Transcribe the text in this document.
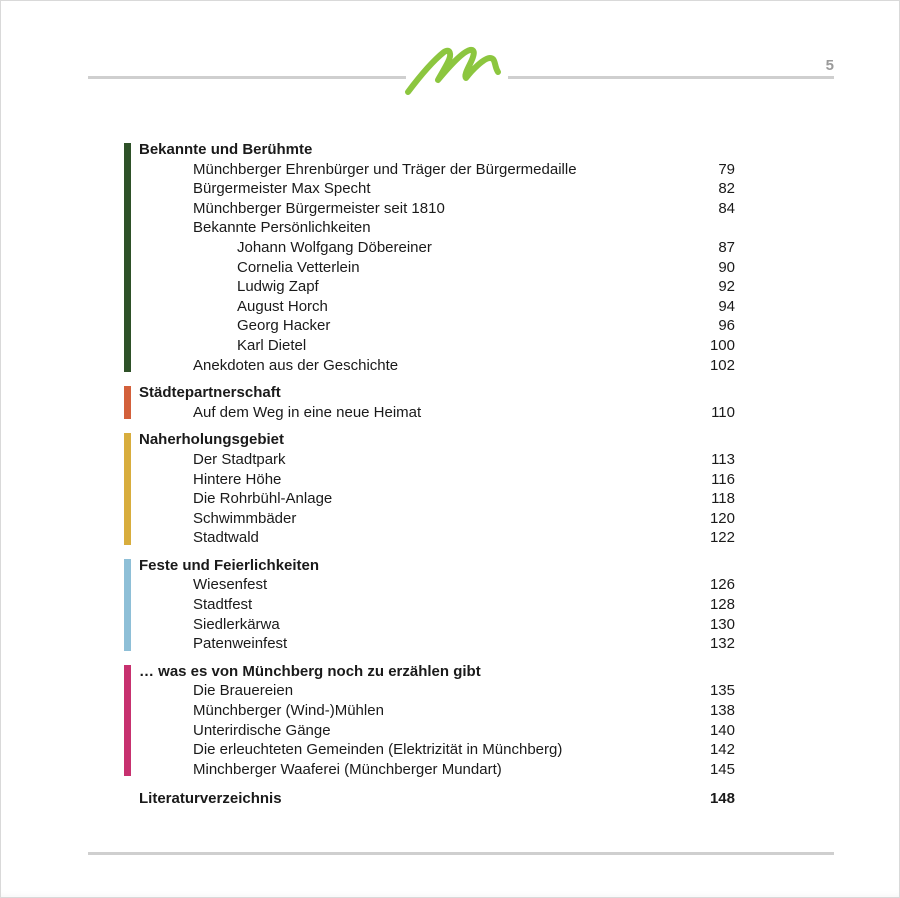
5
Bekannte und Berühmte
Münchberger Ehrenbürger und Träger der Bürgermedaille	79
Bürgermeister Max Specht	82
Münchberger Bürgermeister seit 1810	84
Bekannte Persönlichkeiten
Johann Wolfgang Döbereiner	87
Cornelia Vetterlein	90
Ludwig Zapf	92
August Horch	94
Georg Hacker	96
Karl Dietel	100
Anekdoten aus der Geschichte	102
Städtepartnerschaft
Auf dem Weg in eine neue Heimat	110
Naherholungsgebiet
Der Stadtpark	113
Hintere Höhe	116
Die Rohrbühl-Anlage	118
Schwimmbäder	120
Stadtwald	122
Feste und Feierlichkeiten
Wiesenfest	126
Stadtfest	128
Siedlerkärwa	130
Patenweinfest	132
… was es von Münchberg noch zu erzählen gibt
Die Brauereien	135
Münchberger (Wind-)Mühlen	138
Unterirdische Gänge	140
Die erleuchteten Gemeinden (Elektrizität in Münchberg)	142
Minchberger Waaferei (Münchberger Mundart)	145
Literaturverzeichnis	148
